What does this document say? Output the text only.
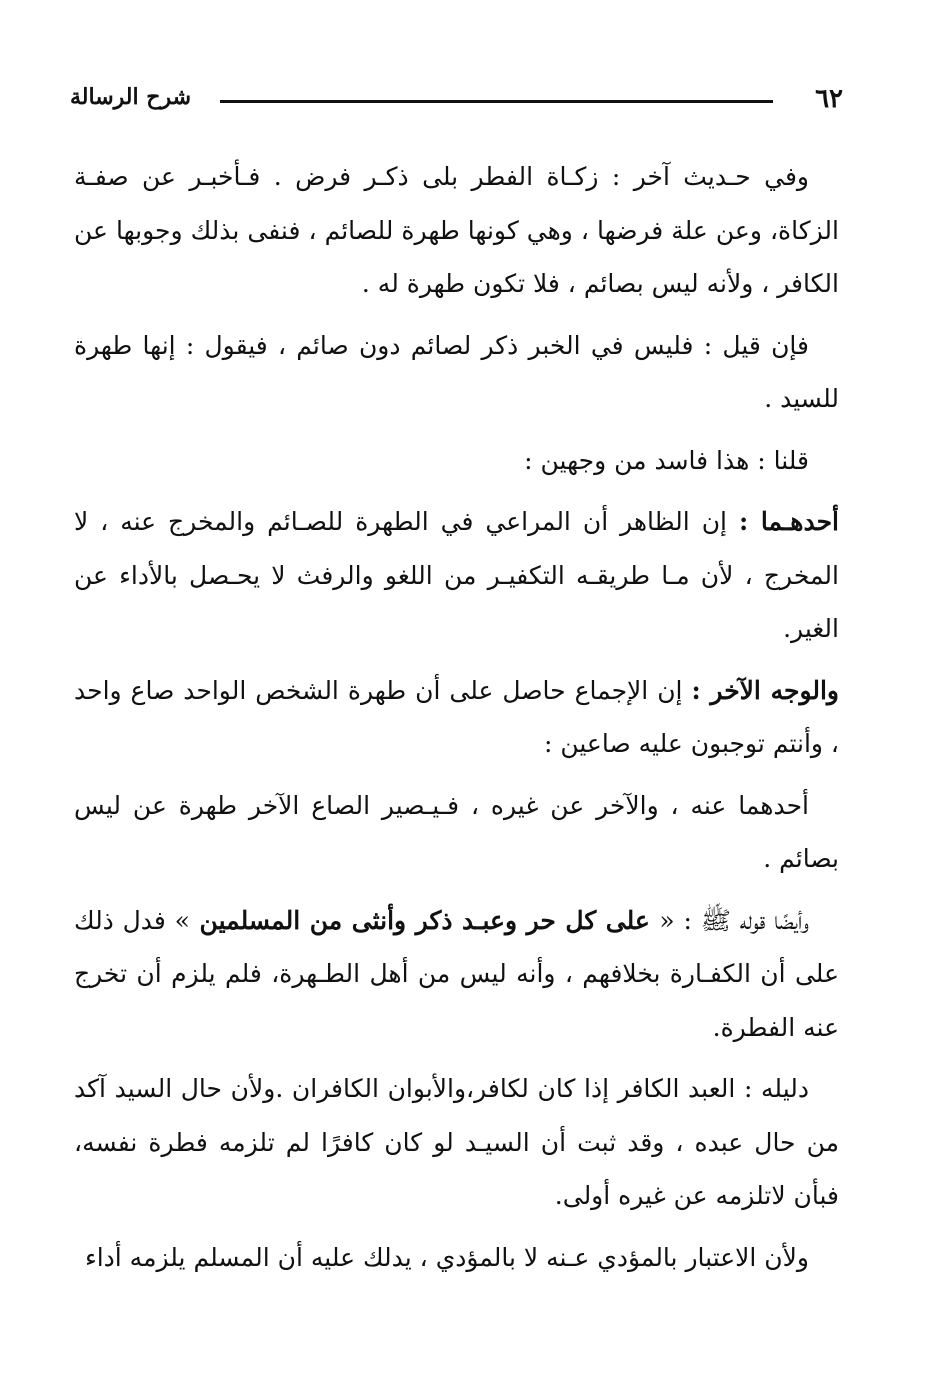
٦٢
شرح الرسالة

وفي حـديث آخر : زكـاة الفطر بلى ذكـر فرض . فـأخبـر عن صفـة الزكاة، وعن علة فرضها ، وهي كونها طهرة للصائم ، فنفى بذلك وجوبها عن الكافر ، ولأنه ليس بصائم ، فلا تكون طهرة له .

فإن قيل : فليس في الخبر ذكر لصائم دون صائم ، فيقول : إنها طهرة للسيد .

قلنا : هذا فاسد من وجهين :

أحدهـما : إن الظاهر أن المراعي في الطهرة للصـائم والمخرج عنه ، لا المخرج ، لأن مـا طريقـه التكفيـر من اللغو والرفث لا يحـصل بالأداء عن الغير.

والوجه الآخر : إن الإجماع حاصل على أن طهرة الشخص الواحد صاع واحد ، وأنتم توجبون عليه صاعين :

أحدهما عنه ، والآخر عن غيره ، فـيـصير الصاع الآخر طهرة عن ليس بصائم .

وأيضًا قوله ﷺ : « على كل حر وعبـد ذكر وأنثى من المسلمين » فدل ذلك على أن الكفـارة بخلافهم ، وأنه ليس من أهل الطـهرة، فلم يلزم أن تخرج عنه الفطرة.

دليله : العبد الكافر إذا كان لكافر،والأبوان الكافران .ولأن حال السيد آكد من حال عبده ، وقد ثبت أن السيـد لو كان كافرًا لم تلزمه فطرة نفسه، فبأن لاتلزمه عن غيره أولى.

ولأن الاعتبار بالمؤدي عـنه لا بالمؤدي ، يدلك عليه أن المسلم يلزمه أداء
